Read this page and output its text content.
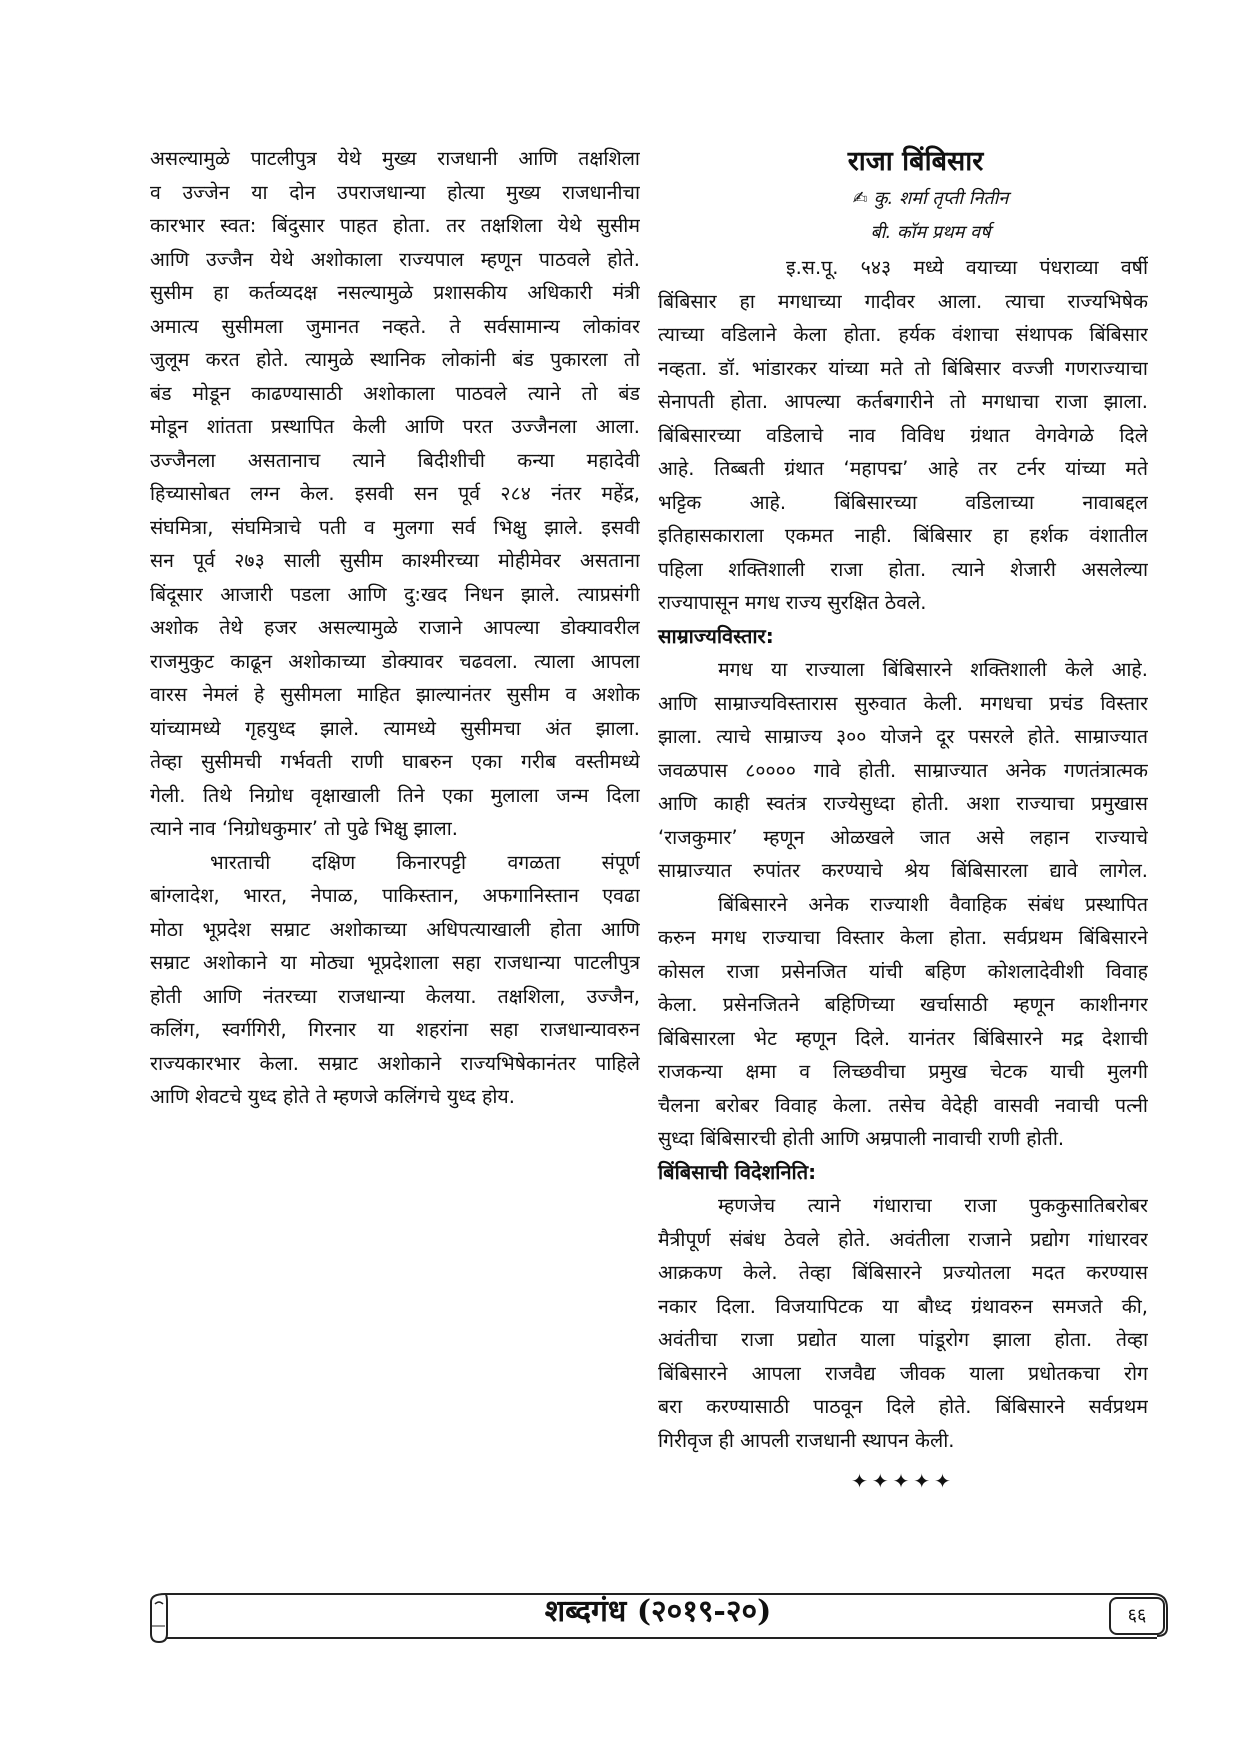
असल्यामुळे पाटलीपुत्र येथे मुख्य राजधानी आणि तक्षशिला
व उज्जेन या दोन उपराजधान्या होत्या मुख्य राजधानीचा
कारभार स्वत: बिंदुसार पाहत होता. तर तक्षशिला येथे सुसीम
आणि उज्जैन येथे अशोकाला राज्यपाल म्हणून पाठवले होते.
सुसीम हा कर्तव्यदक्ष नसल्यामुळे प्रशासकीय अधिकारी मंत्री
अमात्य सुसीमला जुमानत नव्हते. ते सर्वसामान्य लोकांवर
जुलूम करत होते. त्यामुळे स्थानिक लोकांनी बंड पुकारला तो
बंड मोडून काढण्यासाठी अशोकाला पाठवले त्याने तो बंड
मोडून शांतता प्रस्थापित केली आणि परत उज्जैनला आला.
उज्जैनला असतानाच त्याने बिदीशीची कन्या महादेवी
हिच्यासोबत लग्न केल. इसवी सन पूर्व २८४ नंतर महेंद्र,
संघमित्रा, संघमित्राचे पती व मुलगा सर्व भिक्षु झाले. इसवी
सन पूर्व २७३ साली सुसीम काश्मीरच्या मोहीमेवर असताना
बिंदूसार आजारी पडला आणि दु:खद निधन झाले. त्याप्रसंगी
अशोक तेथे हजर असल्यामुळे राजाने आपल्या डोक्यावरील
राजमुकुट काढून अशोकाच्या डोक्यावर चढवला. त्याला आपला
वारस नेमलं हे सुसीमला माहित झाल्यानंतर सुसीम व अशोक
यांच्यामध्ये गृहयुध्द झाले. त्यामध्ये सुसीमचा अंत झाला.
तेव्हा सुसीमची गर्भवती राणी घाबरुन एका गरीब वस्तीमध्ये
गेली. तिथे निग्रोध वृक्षाखाली तिने एका मुलाला जन्म दिला
त्याने नाव ‘निग्रोधकुमार’ तो पुढे भिक्षु झाला.
भारताची दक्षिण किनारपट्टी वगळता संपूर्ण
बांग्लादेश, भारत, नेपाळ, पाकिस्तान, अफगानिस्तान एवढा
मोठा भूप्रदेश सम्राट अशोकाच्या अधिपत्याखाली होता आणि
सम्राट अशोकाने या मोठ्या भूप्रदेशाला सहा राजधान्या पाटलीपुत्र
होती आणि नंतरच्या राजधान्या केलया. तक्षशिला, उज्जैन,
कलिंग, स्वर्गगिरी, गिरनार या शहरांना सहा राजधान्यावरुन
राज्यकारभार केला. सम्राट अशोकाने राज्यभिषेकानंतर पाहिले
आणि शेवटचे युध्द होते ते म्हणजे कलिंगचे युध्द होय.
राजा बिंबिसार
✍ कु. शर्मा तृप्ती नितीन
बी. कॉम प्रथम वर्ष
इ.स.पू. ५४३ मध्ये वयाच्या पंधराव्या वर्षी
बिंबिसार हा मगधाच्या गादीवर आला. त्याचा राज्यभिषेक
त्याच्या वडिलाने केला होता. हर्यक वंशाचा संथापक बिंबिसार
नव्हता. डॉ. भांडारकर यांच्या मते तो बिंबिसार वज्जी गणराज्याचा
सेनापती होता. आपल्या कर्तबगारीने तो मगधाचा राजा झाला.
बिंबिसारच्या वडिलाचे नाव विविध ग्रंथात वेगवेगळे दिले
आहे. तिब्बती ग्रंथात ‘महापद्म’ आहे तर टर्नर यांच्या मते
भट्टिक आहे. बिंबिसारच्या वडिलाच्या नावाबद्दल
इतिहासकाराला एकमत नाही. बिंबिसार हा हर्शक वंशातील
पहिला शक्तिशाली राजा होता. त्याने शेजारी असलेल्या
राज्यापासून मगध राज्य सुरक्षित ठेवले.
साम्राज्यविस्तार:
मगध या राज्याला बिंबिसारने शक्तिशाली केले आहे.
आणि साम्राज्यविस्तारास सुरुवात केली. मगधचा प्रचंड विस्तार
झाला. त्याचे साम्राज्य ३०० योजने दूर पसरले होते. साम्राज्यात
जवळपास ८०००० गावे होती. साम्राज्यात अनेक गणतंत्रात्मक
आणि काही स्वतंत्र राज्येसुध्दा होती. अशा राज्याचा प्रमुखास
‘राजकुमार’ म्हणून ओळखले जात असे लहान राज्याचे
साम्राज्यात रुपांतर करण्याचे श्रेय बिंबिसारला द्यावे लागेल.
बिंबिसारने अनेक राज्याशी वैवाहिक संबंध प्रस्थापित
करुन मगध राज्याचा विस्तार केला होता. सर्वप्रथम बिंबिसारने
कोसल राजा प्रसेनजित यांची बहिण कोशलादेवीशी विवाह
केला. प्रसेनजितने बहिणिच्या खर्चासाठी म्हणून काशीनगर
बिंबिसारला भेट म्हणून दिले. यानंतर बिंबिसारने मद्र देशाची
राजकन्या क्षमा व लिच्छवीचा प्रमुख चेटक याची मुलगी
चैलना बरोबर विवाह केला. तसेच वेदेही वासवी नवाची पत्नी
सुध्दा बिंबिसारची होती आणि अम्रपाली नावाची राणी होती.
बिंबिसाची विदेशनिति:
म्हणजेच त्याने गंधाराचा राजा पुककुसातिबरोबर
मैत्रीपूर्ण संबंध ठेवले होते. अवंतीला राजाने प्रद्योग गांधारवर
आक्रकण केले. तेव्हा बिंबिसारने प्रज्योतला मदत करण्यास
नकार दिला. विजयापिटक या बौध्द ग्रंथावरुन समजते की,
अवंतीचा राजा प्रद्योत याला पांडूरोग झाला होता. तेव्हा
बिंबिसारने आपला राजवैद्य जीवक याला प्रधोतकचा रोग
बरा करण्यासाठी पाठवून दिले होते. बिंबिसारने सर्वप्रथम
गिरीवृज ही आपली राजधानी स्थापन केली.
✦✦✦✦✦
शब्दगंध (२०१९-२०)	६६
